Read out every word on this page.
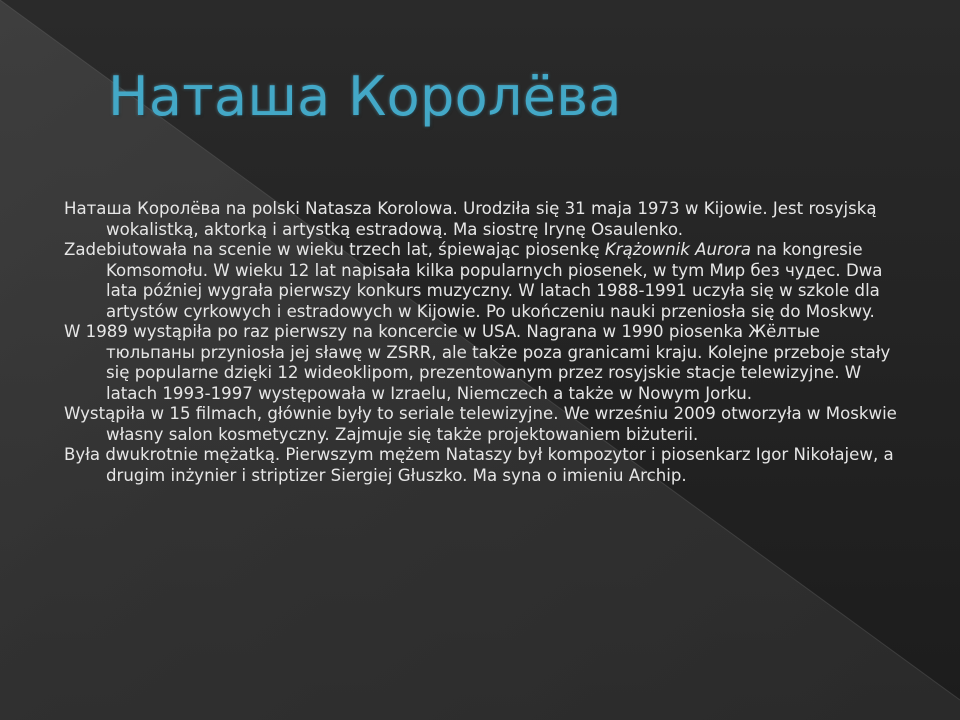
Наташа Королёва

Наташа Королёва na polski Natasza Korolowa. Urodziła się 31 maja 1973 w Kijowie. Jest rosyjską wokalistką, aktorką i artystką estradową. Ma siostrę Irynę Osaulenko.

Zadebiutowała na scenie w wieku trzech lat, śpiewając piosenkę Krążownik Aurora na kongresie Komsomołu. W wieku 12 lat napisała kilka popularnych piosenek, w tym Мир без чудес. Dwa lata później wygrała pierwszy konkurs muzyczny. W latach 1988-1991 uczyła się w szkole dla artystów cyrkowych i estradowych w Kijowie. Po ukończeniu nauki przeniosła się do Moskwy.

W 1989 wystąpiła po raz pierwszy na koncercie w USA. Nagrana w 1990 piosenka Жёлтые тюльпаны przyniosła jej sławę w ZSRR, ale także poza granicami kraju. Kolejne przeboje stały się popularne dzięki 12 wideoklipom, prezentowanym przez rosyjskie stacje telewizyjne. W latach 1993-1997 występowała w Izraelu, Niemczech a także w Nowym Jorku.

Wystąpiła w 15 filmach, głównie były to seriale telewizyjne. We wrześniu 2009 otworzyła w Moskwie własny salon kosmetyczny. Zajmuje się także projektowaniem biżuterii.

Była dwukrotnie mężatką. Pierwszym mężem Nataszy był kompozytor i piosenkarz Igor Nikołajew, a drugim inżynier i striptizer Siergiej Głuszko. Ma syna o imieniu Archip.
